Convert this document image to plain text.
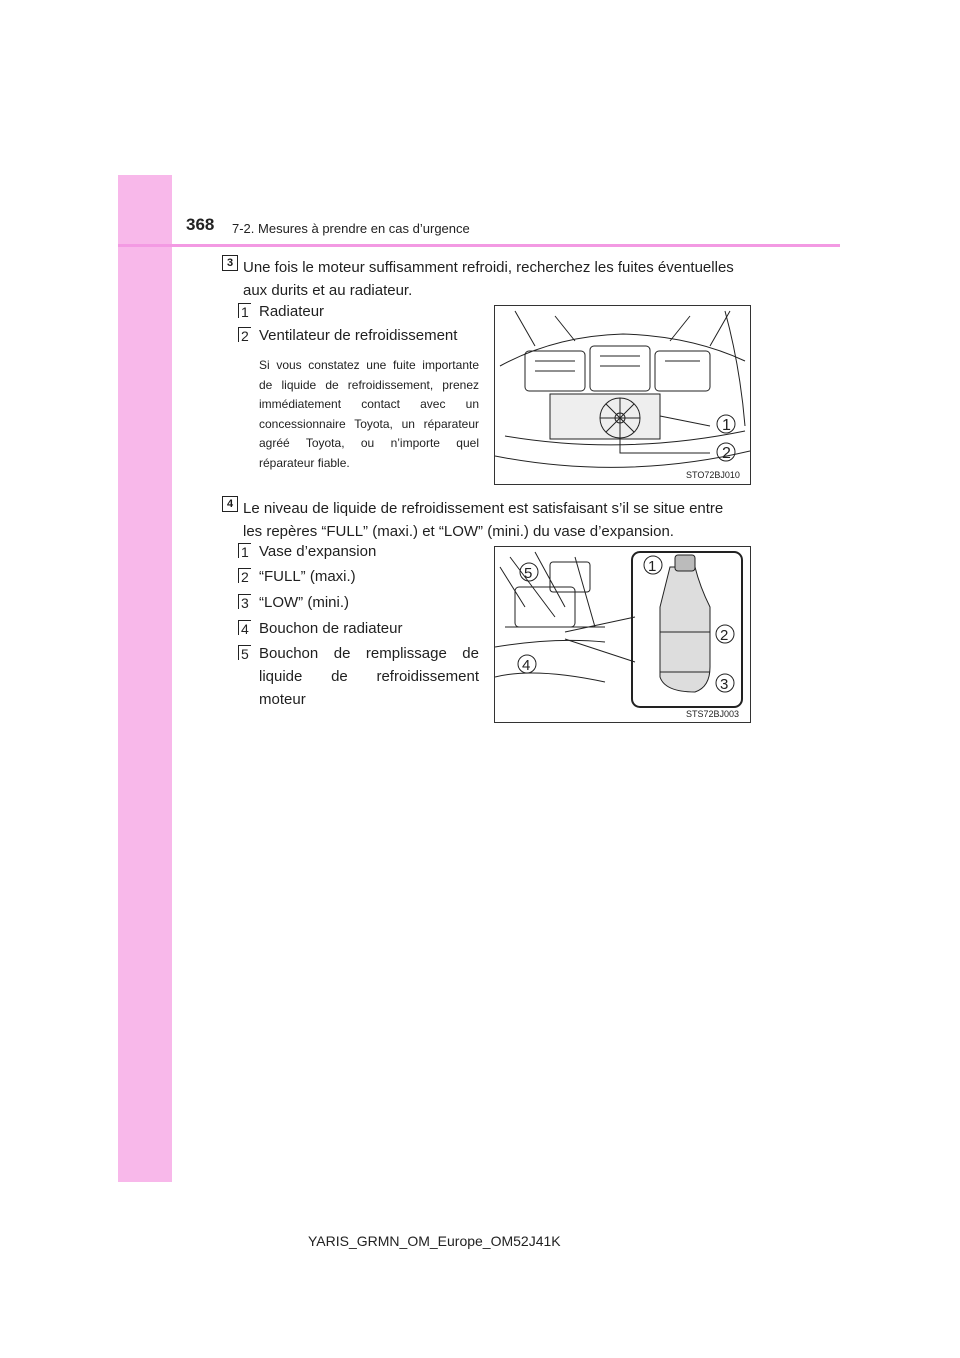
368 7-2. Mesures à prendre en cas d’urgence
3 Une fois le moteur suffisamment refroidi, recherchez les fuites éventuelles
aux durits et au radiateur.
1 Radiateur
2 Ventilateur de refroidissement
Si vous constatez une fuite importante de liquide de refroidissement, prenez immédiatement contact avec un concessionnaire Toyota, un réparateur agréé Toyota, ou n’importe quel réparateur fiable.
1
2
STO72BJ010
4 Le niveau de liquide de refroidissement est satisfaisant s’il se situe entre
les repères “FULL” (maxi.) et “LOW” (mini.) du vase d’expansion.
1 Vase d’expansion
2 “FULL” (maxi.)
3 “LOW” (mini.)
4 Bouchon de radiateur
5 Bouchon de remplissage de
liquide de refroidissement
moteur
5	1
2
4
3
STS72BJ003
YARIS_GRMN_OM_Europe_OM52J41K
